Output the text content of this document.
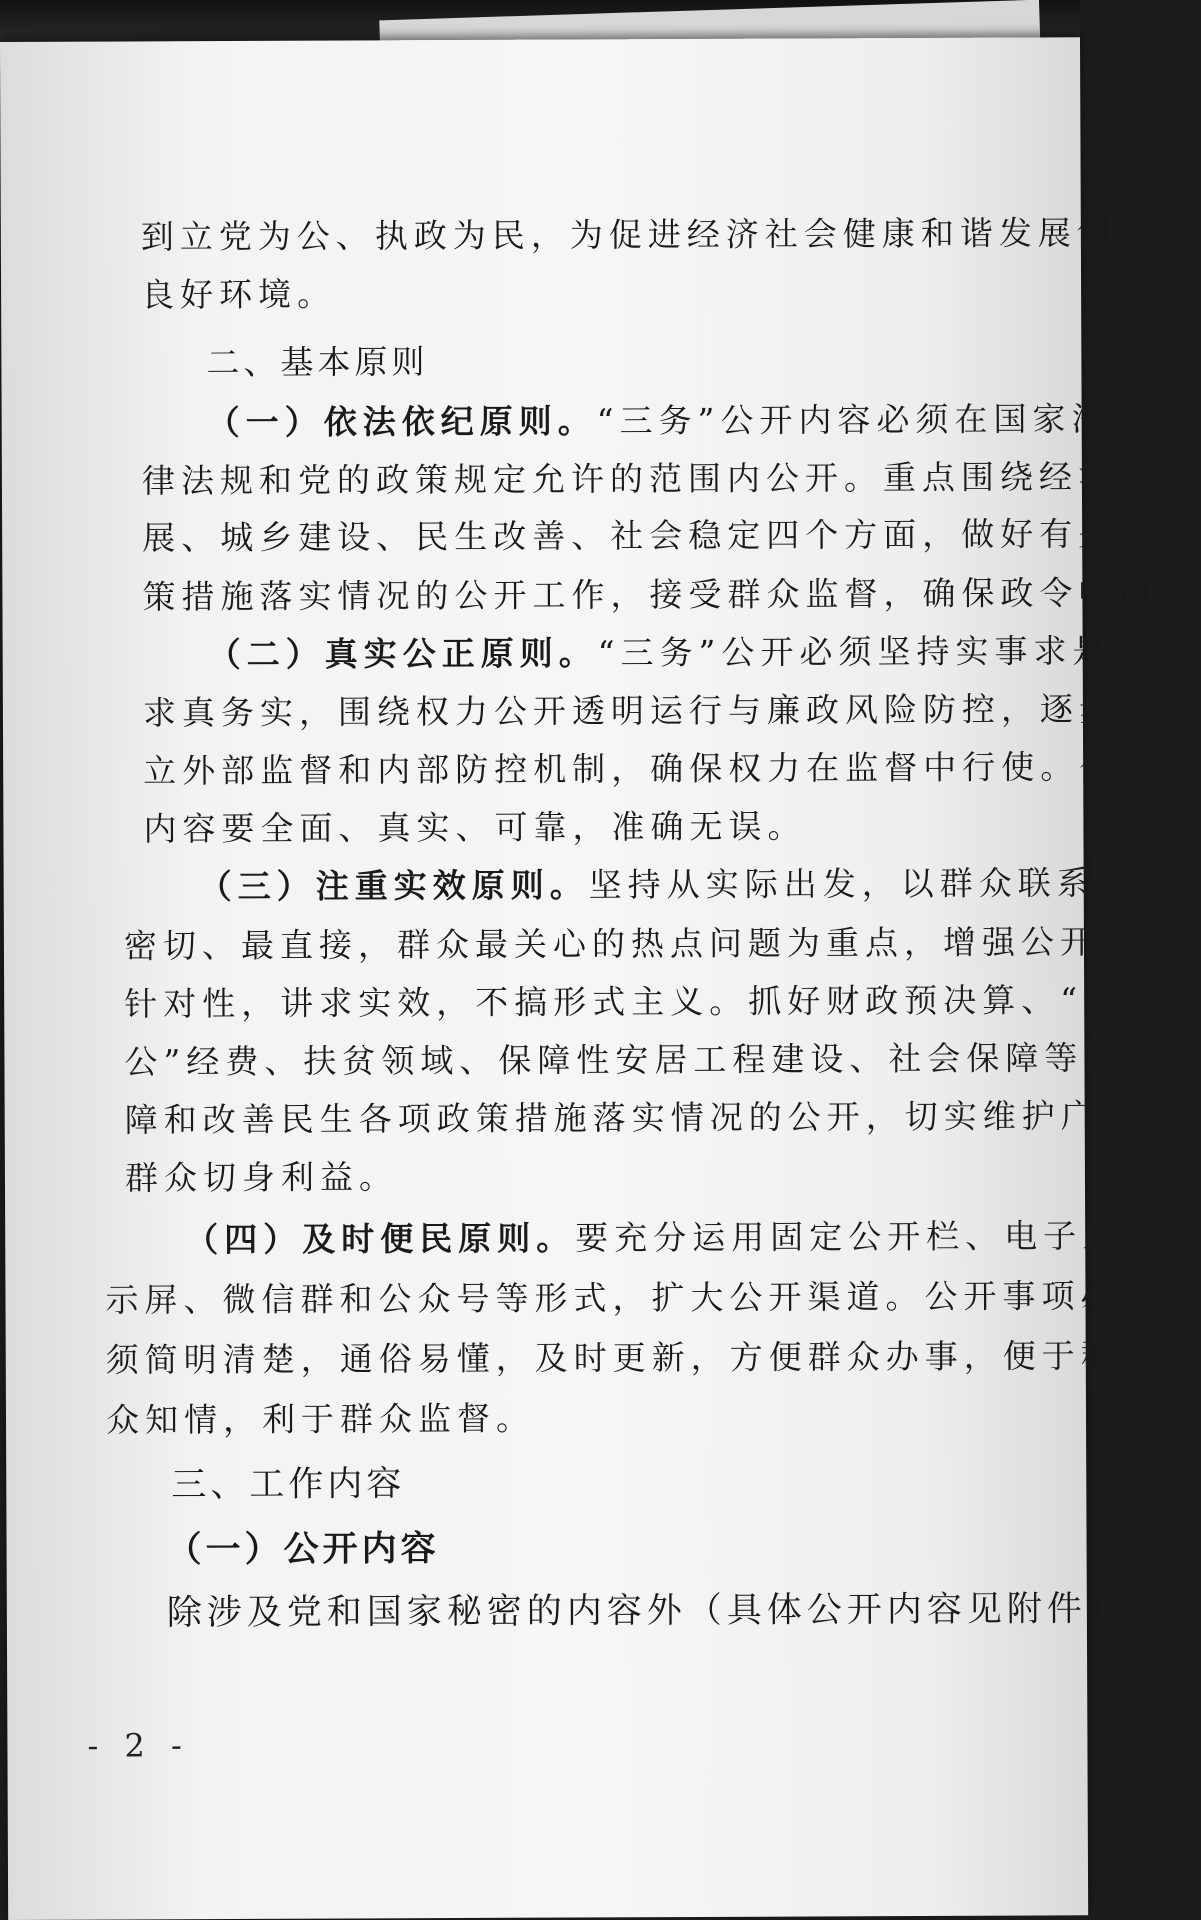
到立党为公、执政为民，为促进经济社会健康和谐发展创造
良好环境。
二、基本原则
（一）依法依纪原则。“三务”公开内容必须在国家法
律法规和党的政策规定允许的范围内公开。重点围绕经济发
展、城乡建设、民生改善、社会稳定四个方面，做好有关政
策措施落实情况的公开工作，接受群众监督，确保政令畅通。
（二）真实公正原则。“三务”公开必须坚持实事求是、
求真务实，围绕权力公开透明运行与廉政风险防控，逐步建
立外部监督和内部防控机制，确保权力在监督中行使。公开
内容要全面、真实、可靠，准确无误。
（三）注重实效原则。坚持从实际出发，以群众联系最
密切、最直接，群众最关心的热点问题为重点，增强公开的
针对性，讲求实效，不搞形式主义。抓好财政预决算、“三
公”经费、扶贫领域、保障性安居工程建设、社会保障等保
障和改善民生各项政策措施落实情况的公开，切实维护广大
群众切身利益。
（四）及时便民原则。要充分运用固定公开栏、电子显
示屏、微信群和公众号等形式，扩大公开渠道。公开事项必
须简明清楚，通俗易懂，及时更新，方便群众办事，便于群
众知情，利于群众监督。
三、工作内容
（一）公开内容
除涉及党和国家秘密的内容外（具体公开内容见附件），
- 2 -
